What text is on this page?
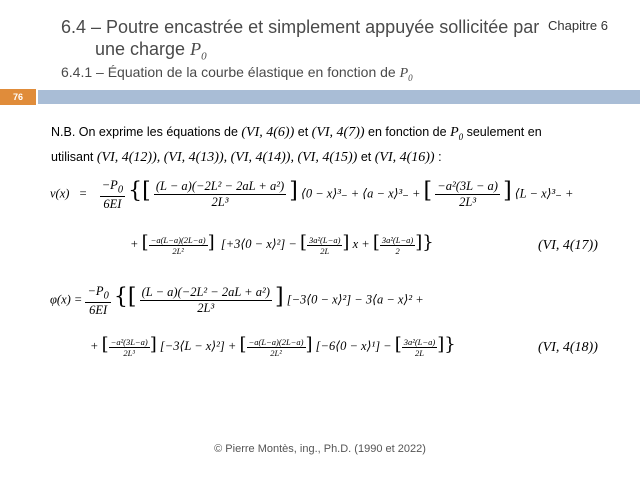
6.4 – Poutre encastrée et simplement appuyée sollicitée par
une charge $P_0$
6.4.1 – Équation de la courbe élastique en fonction de $P_0$
Chapitre 6
76
N.B. On exprime les équations de (VI, 4(6)) et (VI, 4(7)) en fonction de $P_0$ seulement en
utilisant (VI, 4(12)), (VI, 4(13)), (VI, 4(14)), (VI, 4(15)) et (VI, 4(16)) :
$v(x) = \frac{-P_0}{6EI}$ {[ $\frac{\text{(L − a)(−2L² − 2aL + a²)}}{\text{2L³}}$ ] ⟨0 − x⟩³₋ + ⟨a − x⟩³₋ + [ $\frac{\text{−a²(3L − a)}}{\text{2L³}}$ ] ⟨L − x⟩³₋ +
+ [ $\frac{-a(L-a)(2L-a)}{\text{2L²}}$ ]  [+3⟨0 − x⟩²] − [ $\frac{\text{3a²(L−a)}}{2L}$ ] x + [ $\frac{\text{3a²(L−a)}}{2}$ ]}	(VI, 4(17))
$\varphi(x) = \frac{-P_0}{6EI}$ {[ $\frac{\text{(L − a)(−2L² − 2aL + a²)}}{\text{2L³}}$ ] [−3⟨0 − x⟩²] − 3⟨a − x⟩² +
+ [ $\frac{\text{−a²(3L−a)}}{\text{2L³}}$ ] [−3⟨L − x⟩²] + [ $\frac{-a(L-a)(2L-a)}{\text{2L²}}$ ] [−6⟨0 − x⟩¹] − [ $\frac{\text{3a²(L−a)}}{2L}$ ]}	(VI, 4(18))
© Pierre Montès, ing., Ph.D. (1990 et 2022)
